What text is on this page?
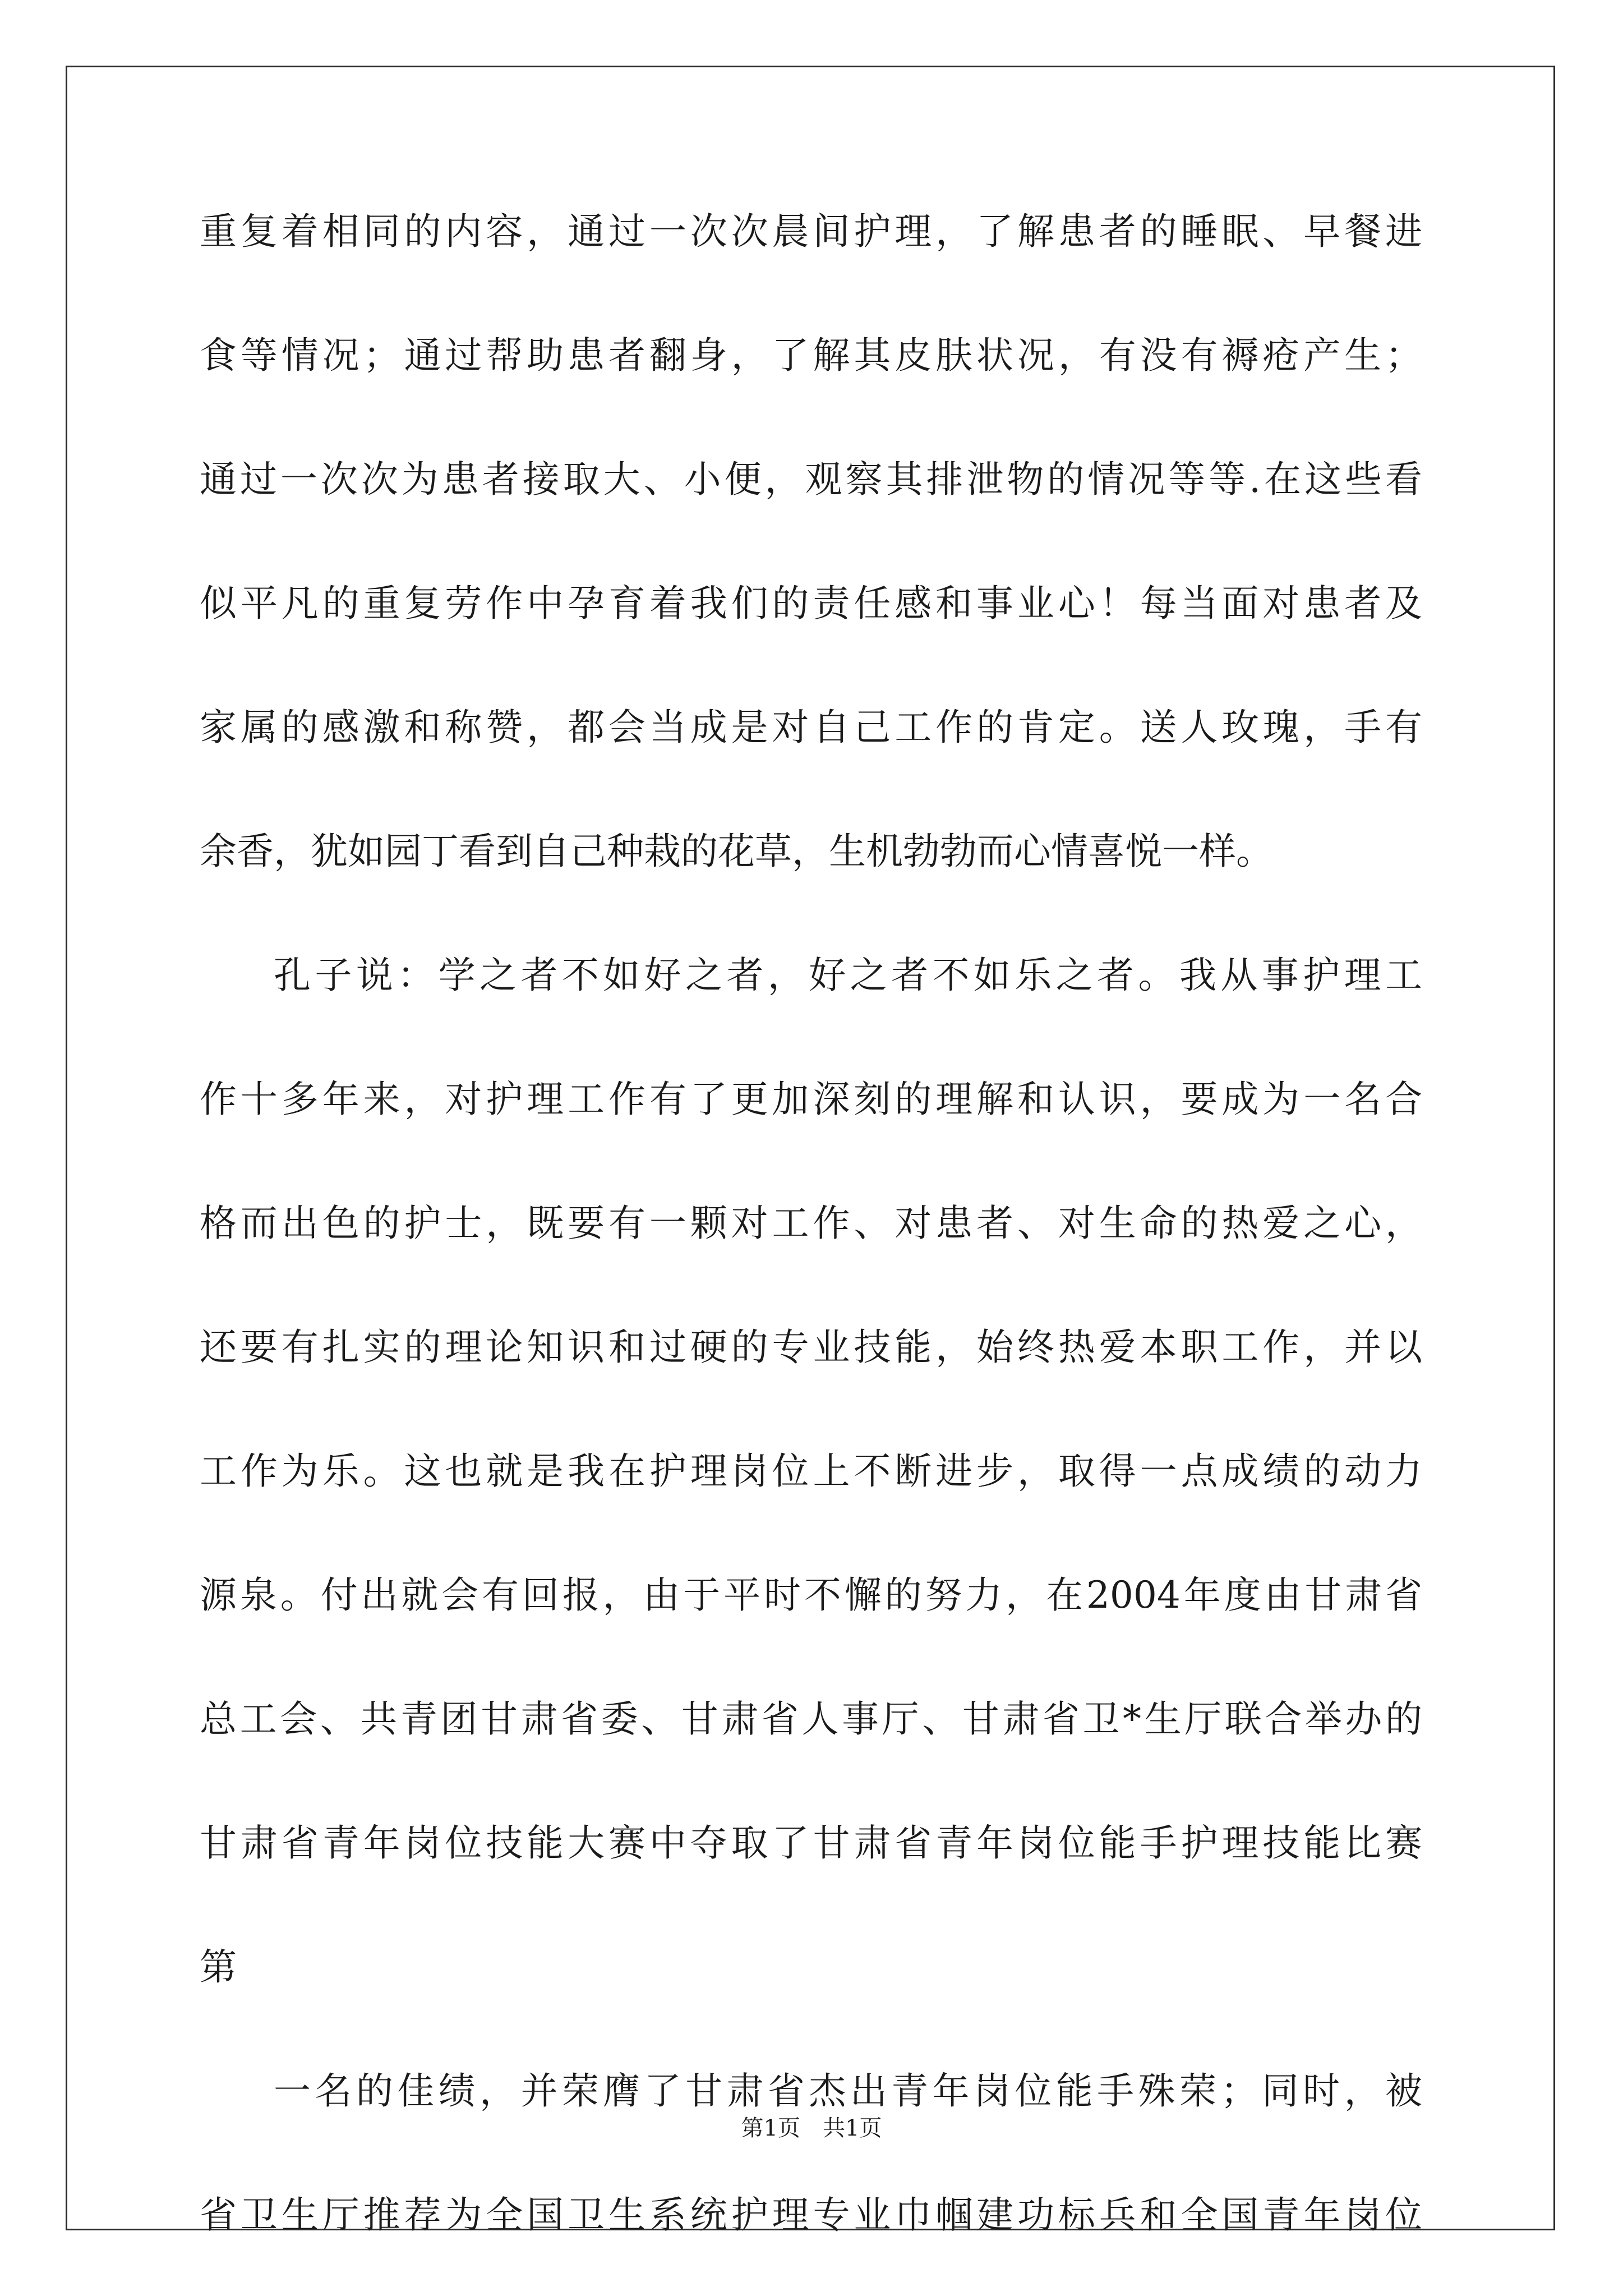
重复着相同的内容，通过一次次晨间护理，了解患者的睡眠、早餐进
食等情况；通过帮助患者翻身，了解其皮肤状况，有没有褥疮产生；
通过一次次为患者接取大、小便，观察其排泄物的情况等等.在这些看
似平凡的重复劳作中孕育着我们的责任感和事业心！每当面对患者及
家属的感激和称赞，都会当成是对自己工作的肯定。送人玫瑰，手有
余香，犹如园丁看到自己种栽的花草，生机勃勃而心情喜悦一样。
孔子说：学之者不如好之者，好之者不如乐之者。我从事护理工
作十多年来，对护理工作有了更加深刻的理解和认识，要成为一名合
格而出色的护士，既要有一颗对工作、对患者、对生命的热爱之心，
还要有扎实的理论知识和过硬的专业技能，始终热爱本职工作，并以
工作为乐。这也就是我在护理岗位上不断进步，取得一点成绩的动力
源泉。付出就会有回报，由于平时不懈的努力，在2004年度由甘肃省
总工会、共青团甘肃省委、甘肃省人事厅、甘肃省卫*生厅联合举办的
甘肃省青年岗位技能大赛中夺取了甘肃省青年岗位能手护理技能比赛
第
一名的佳绩，并荣膺了甘肃省杰出青年岗位能手殊荣；同时，被
省卫生厅推荐为全国卫生系统护理专业巾帼建功标兵和全国青年岗位
第1页　共1页
